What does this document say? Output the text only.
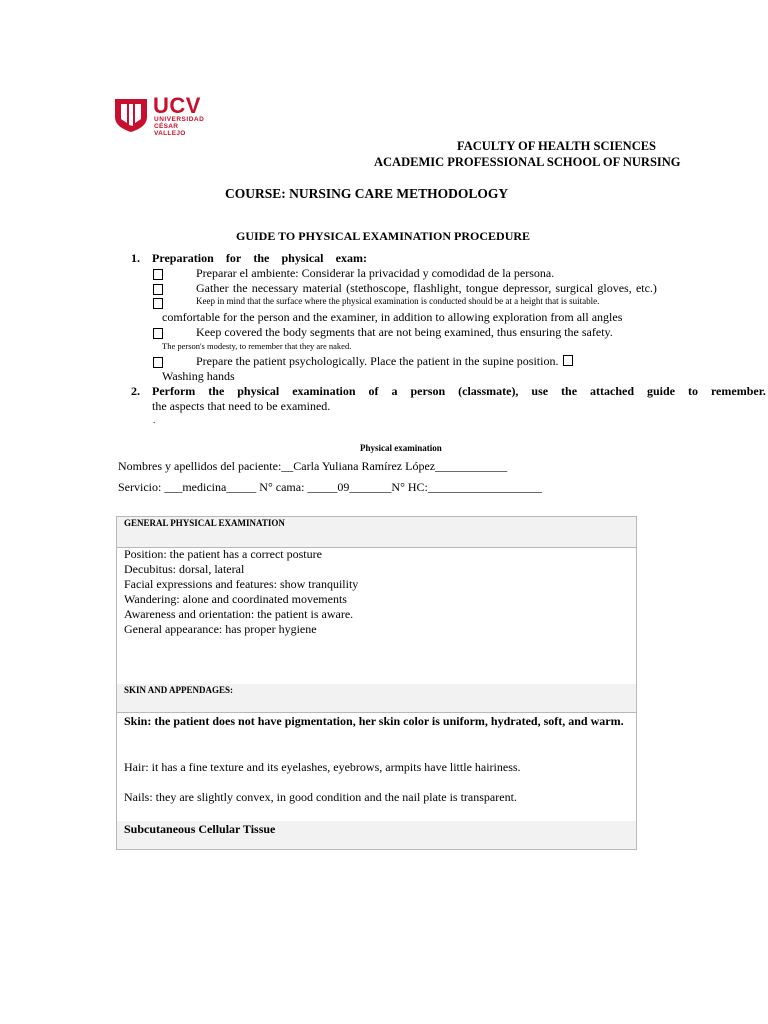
UCV
UNIVERSIDAD
CÉSAR VALLEJO
FACULTY OF HEALTH SCIENCES
ACADEMIC PROFESSIONAL SCHOOL OF NURSING
COURSE: NURSING CARE METHODOLOGY
GUIDE TO PHYSICAL EXAMINATION PROCEDURE
1. Preparation for the physical exam:
Preparar el ambiente: Considerar la privacidad y comodidad de la persona.
Gather the necessary material (stethoscope, flashlight, tongue depressor, surgical gloves, etc.)
Keep in mind that the surface where the physical examination is conducted should be at a height that is suitable.
comfortable for the person and the examiner, in addition to allowing exploration from all angles
Keep covered the body segments that are not being examined, thus ensuring the safety.
The person's modesty, to remember that they are naked.
Prepare the patient psychologically. Place the patient in the supine position.
Washing hands
2. Perform the physical examination of a person (classmate), use the attached guide to remember.
the aspects that need to be examined.
.
Physical examination
Nombres y apellidos del paciente:__Carla Yuliana Ramírez López____________
Servicio: ___medicina_____ N° cama: _____09_______N° HC:___________________
GENERAL PHYSICAL EXAMINATION
Position: the patient has a correct posture
Decubitus: dorsal, lateral
Facial expressions and features: show tranquility
Wandering: alone and coordinated movements
Awareness and orientation: the patient is aware.
General appearance: has proper hygiene
SKIN AND APPENDAGES:
Skin: the patient does not have pigmentation, her skin color is uniform, hydrated, soft, and warm.
Hair: it has a fine texture and its eyelashes, eyebrows, armpits have little hairiness.
Nails: they are slightly convex, in good condition and the nail plate is transparent.
Subcutaneous Cellular Tissue
